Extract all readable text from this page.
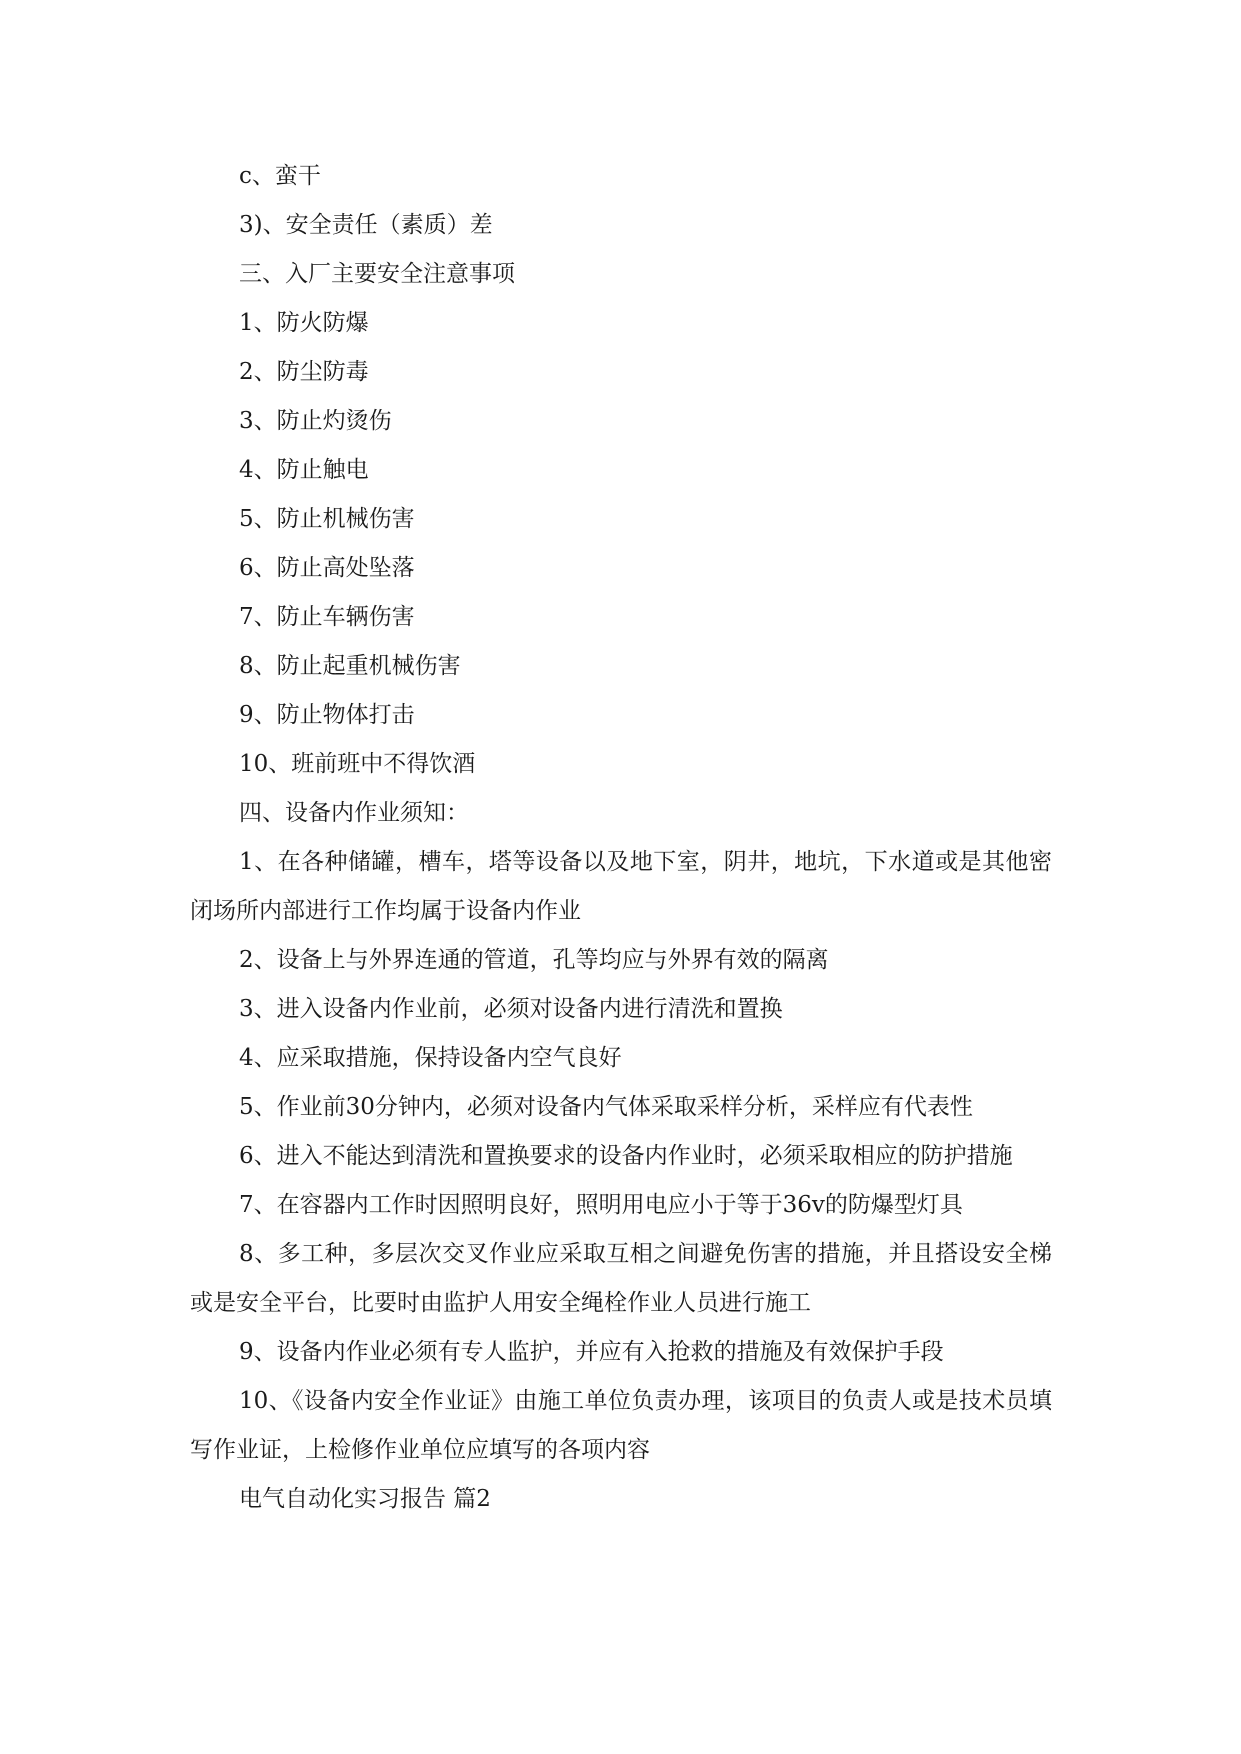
c、蛮干

3)、安全责任（素质）差

三、入厂主要安全注意事项

1、防火防爆

2、防尘防毒

3、防止灼烫伤

4、防止触电

5、防止机械伤害

6、防止高处坠落

7、防止车辆伤害

8、防止起重机械伤害

9、防止物体打击

10、班前班中不得饮酒

四、设备内作业须知：

1、在各种储罐，槽车，塔等设备以及地下室，阴井，地坑，下水道或是其他密闭场所内部进行工作均属于设备内作业

2、设备上与外界连通的管道，孔等均应与外界有效的隔离

3、进入设备内作业前，必须对设备内进行清洗和置换

4、应采取措施，保持设备内空气良好

5、作业前30分钟内，必须对设备内气体采取采样分析，采样应有代表性

6、进入不能达到清洗和置换要求的设备内作业时，必须采取相应的防护措施

7、在容器内工作时因照明良好，照明用电应小于等于36v的防爆型灯具

8、多工种，多层次交叉作业应采取互相之间避免伤害的措施，并且搭设安全梯或是安全平台，比要时由监护人用安全绳栓作业人员进行施工

9、设备内作业必须有专人监护，并应有入抢救的措施及有效保护手段

10、《设备内安全作业证》由施工单位负责办理，该项目的负责人或是技术员填写作业证，上检修作业单位应填写的各项内容

电气自动化实习报告 篇2
